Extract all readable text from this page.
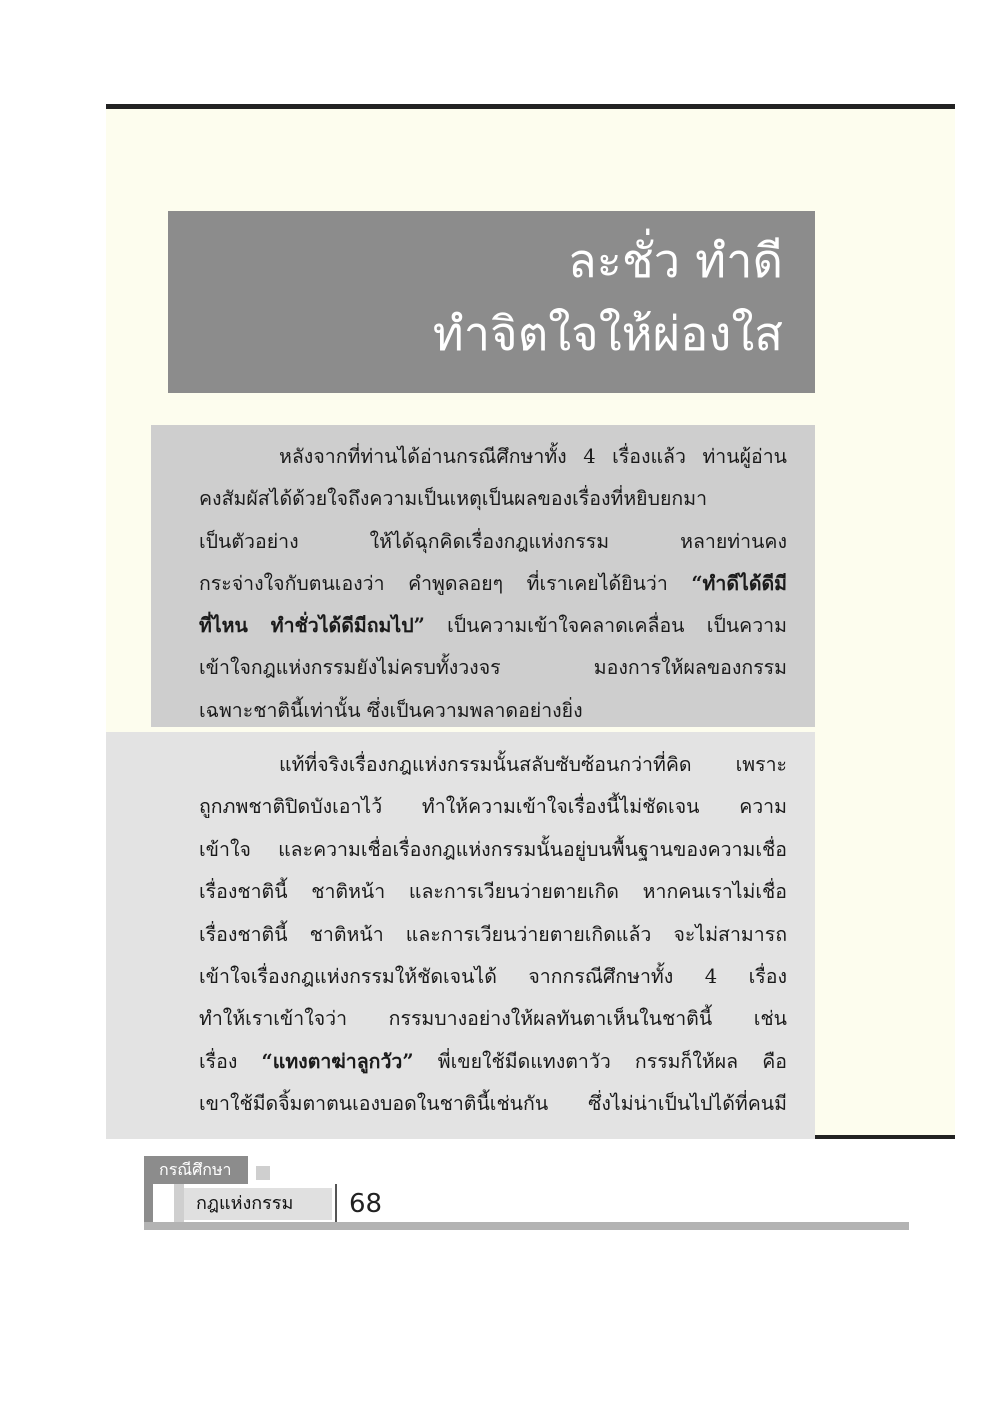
ละชั่ว ทำดี
ทำจิตใจให้ผ่องใส
หลังจากที่ท่านได้อ่านกรณีศึกษาทั้ง 4 เรื่องแล้ว ท่านผู้อ่าน
คงสัมผัสได้ด้วยใจถึงความเป็นเหตุเป็นผลของเรื่องที่หยิบยกมา
เป็นตัวอย่าง ให้ได้ฉุกคิดเรื่องกฎแห่งกรรม หลายท่านคง
กระจ่างใจกับตนเองว่า คำพูดลอยๆ ที่เราเคยได้ยินว่า “ทำดีได้ดีมี
ที่ไหน ทำชั่วได้ดีมีถมไป” เป็นความเข้าใจคลาดเคลื่อน เป็นความ
เข้าใจกฎแห่งกรรมยังไม่ครบทั้งวงจร มองการให้ผลของกรรม
เฉพาะชาตินี้เท่านั้น ซึ่งเป็นความพลาดอย่างยิ่ง
แท้ที่จริงเรื่องกฎแห่งกรรมนั้นสลับซับซ้อนกว่าที่คิด เพราะ
ถูกภพชาติปิดบังเอาไว้ ทำให้ความเข้าใจเรื่องนี้ไม่ชัดเจน ความ
เข้าใจ และความเชื่อเรื่องกฎแห่งกรรมนั้นอยู่บนพื้นฐานของความเชื่อ
เรื่องชาตินี้ ชาติหน้า และการเวียนว่ายตายเกิด หากคนเราไม่เชื่อ
เรื่องชาตินี้ ชาติหน้า และการเวียนว่ายตายเกิดแล้ว จะไม่สามารถ
เข้าใจเรื่องกฎแห่งกรรมให้ชัดเจนได้ จากกรณีศึกษาทั้ง 4 เรื่อง
ทำให้เราเข้าใจว่า กรรมบางอย่างให้ผลทันตาเห็นในชาตินี้ เช่น
เรื่อง “แทงตาฆ่าลูกวัว” พี่เขยใช้มีดแทงตาวัว กรรมก็ให้ผล คือ
เขาใช้มีดจิ้มตาตนเองบอดในชาตินี้เช่นกัน ซึ่งไม่น่าเป็นไปได้ที่คนมี
กรณีศึกษา
กฎแห่งกรรม	68
